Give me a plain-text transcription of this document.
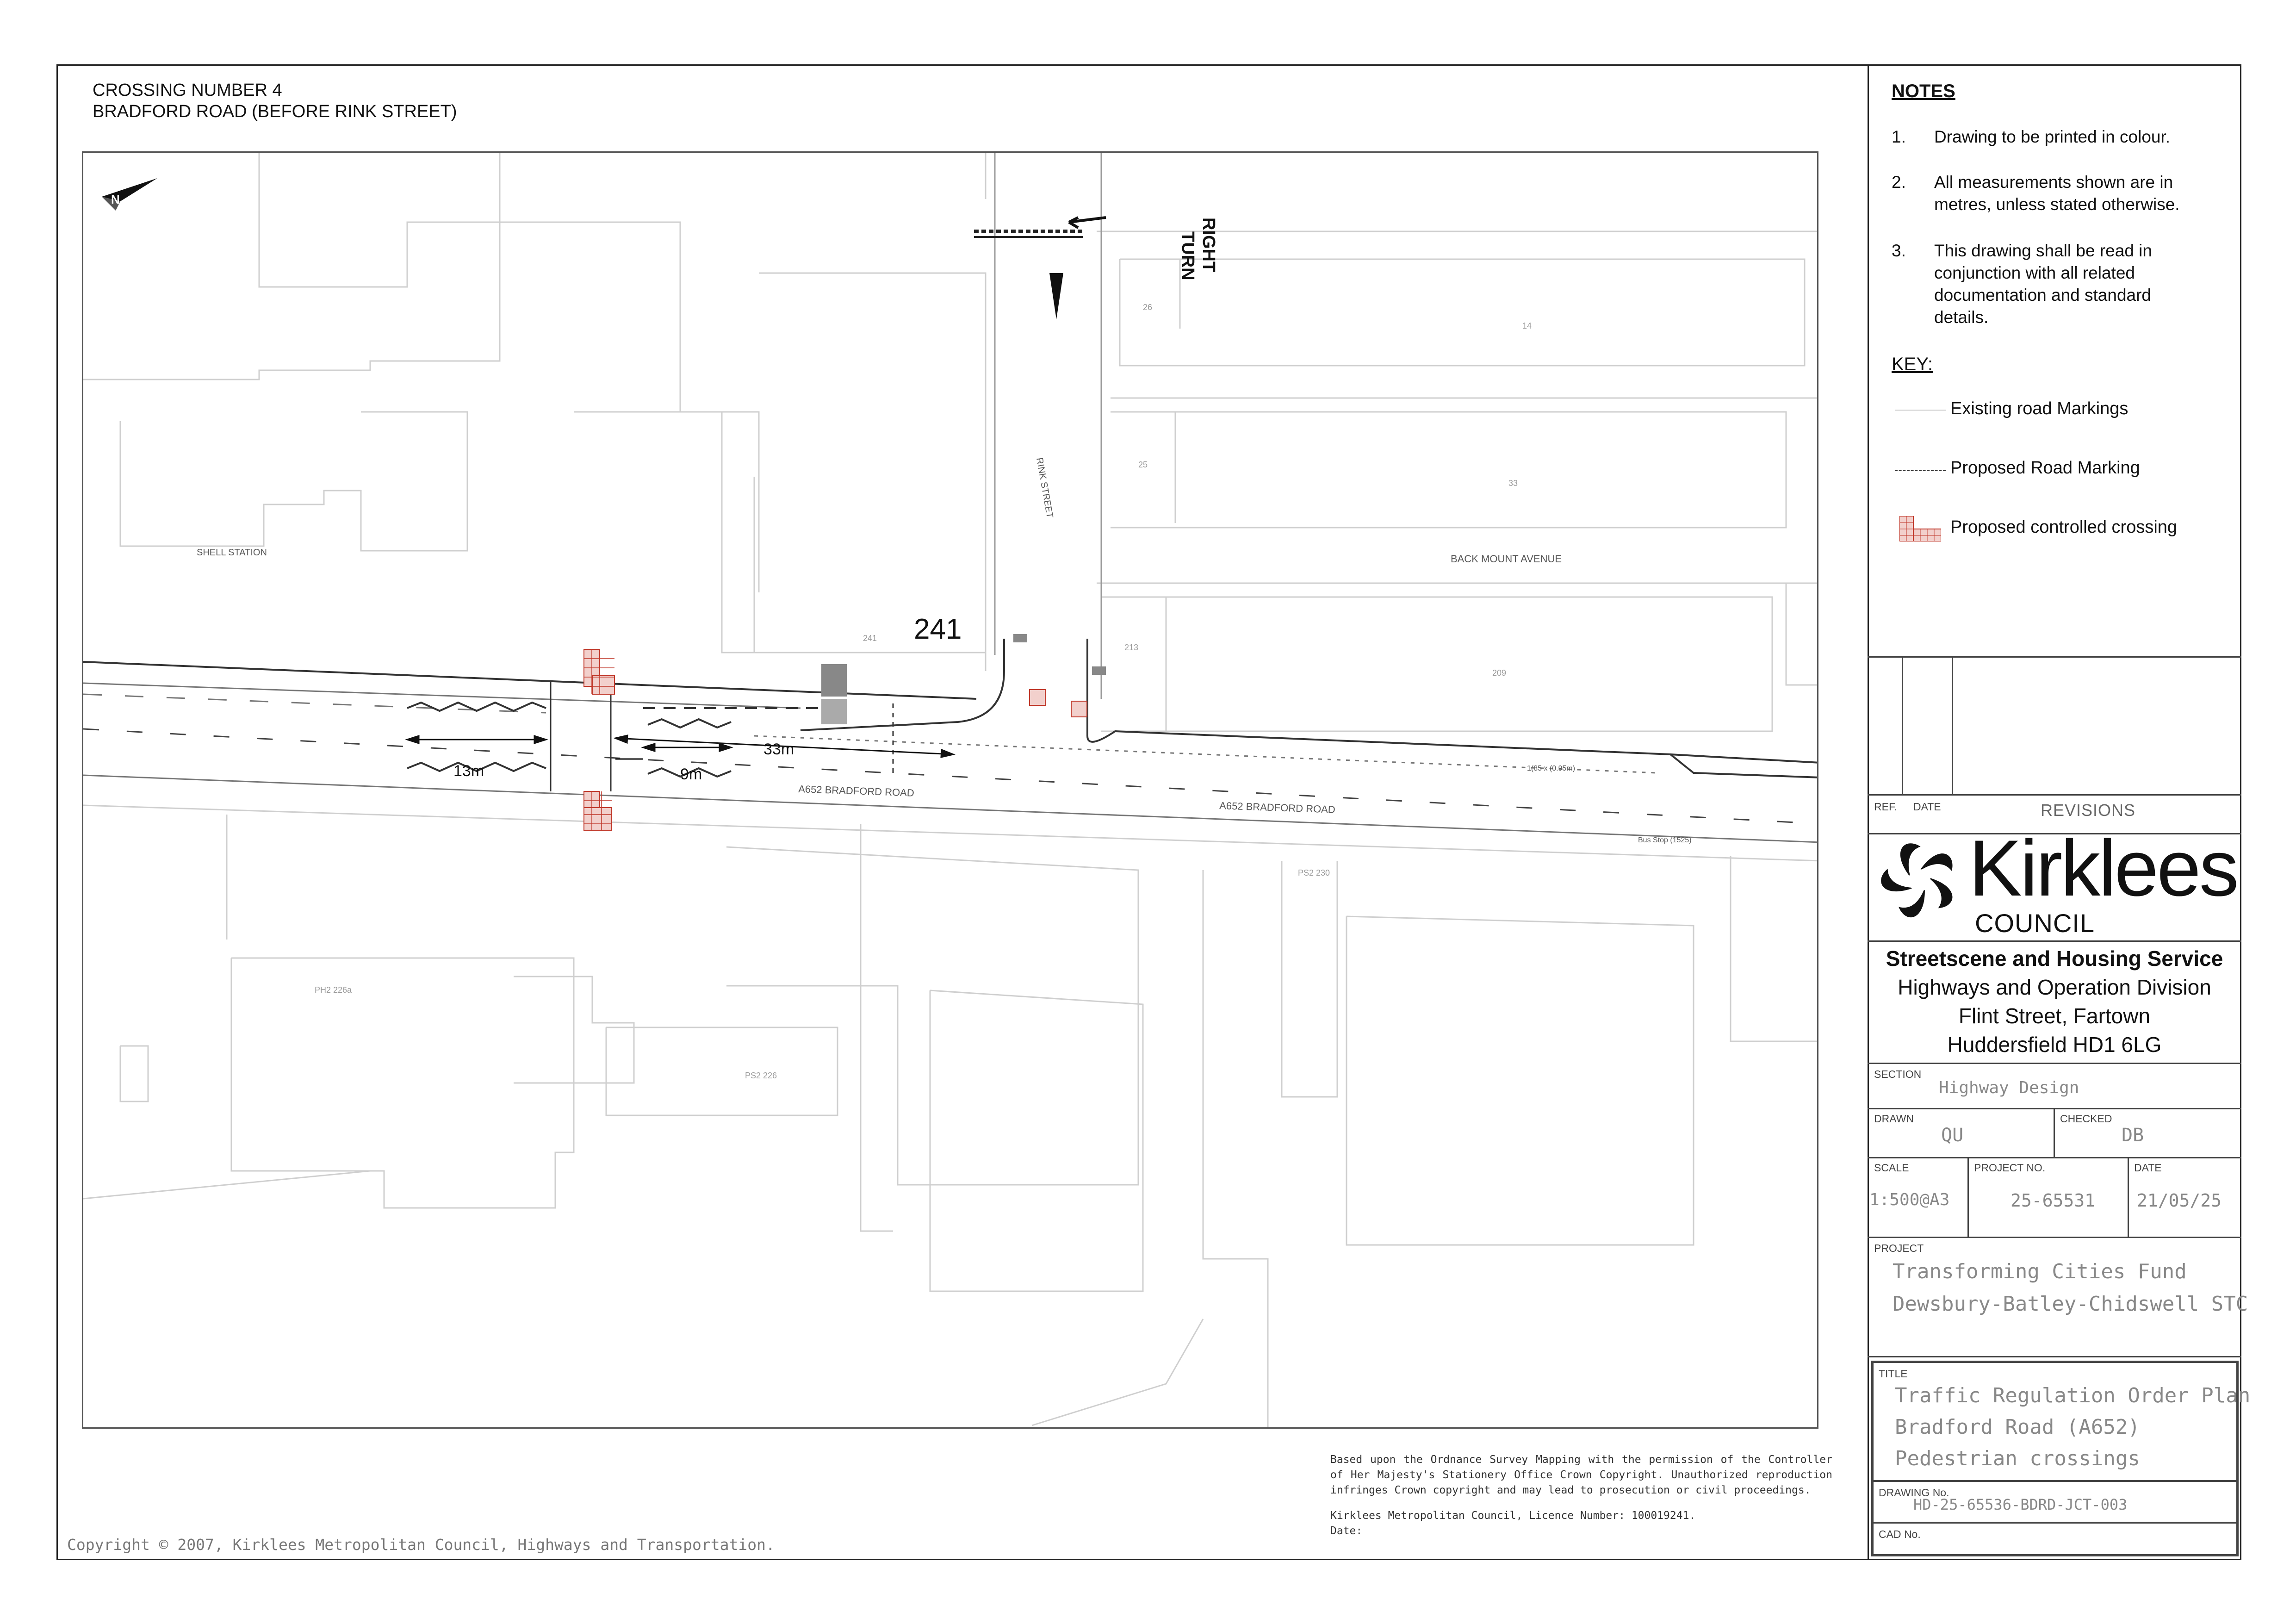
CROSSING NUMBER 4
BRADFORD ROAD (BEFORE RINK STREET)
N
241
TURN RIGHT
13m	9m
33m
RINK STREET
BACK MOUNT AVENUE
A652 BRADFORD ROAD
A652 BRADFORD ROAD
SHELL STATION
Bus Stop (1525)
1(85 x (0.95m)
241
213
209
25
26
14
33
PH2 226a
PS2 226
PS2 230
NOTES
1. Drawing to be printed in colour.
2. All measurements shown are in metres, unless stated otherwise.
3. This drawing shall be read in conjunction with all related documentation and standard details.
KEY:
Existing road Markings
Proposed Road Marking
Proposed controlled crossing
REF. DATE	REVISIONS
Kirklees
COUNCIL
Streetscene and Housing Service
Highways and Operation Division
Flint Street, Fartown
Huddersfield HD1 6LG
SECTION
Highway Design
DRAWN
QU
CHECKED
DB
SCALE
1:500@A3
PROJECT NO.
25-65531
DATE
21/05/25
PROJECT
Transforming Cities Fund
Dewsbury-Batley-Chidswell STC
TITLE
Traffic Regulation Order Plan
Bradford Road (A652)
Pedestrian crossings
DRAWING No.
HD-25-65536-BDRD-JCT-003
CAD No.
Based upon the Ordnance Survey Mapping with the permission of the Controller of Her Majesty's Stationery Office Crown Copyright. Unauthorized reproduction infringes Crown copyright and may lead to prosecution or civil proceedings.
Kirklees Metropolitan Council, Licence Number: 100019241.
Date:
Copyright © 2007, Kirklees Metropolitan Council, Highways and Transportation.
